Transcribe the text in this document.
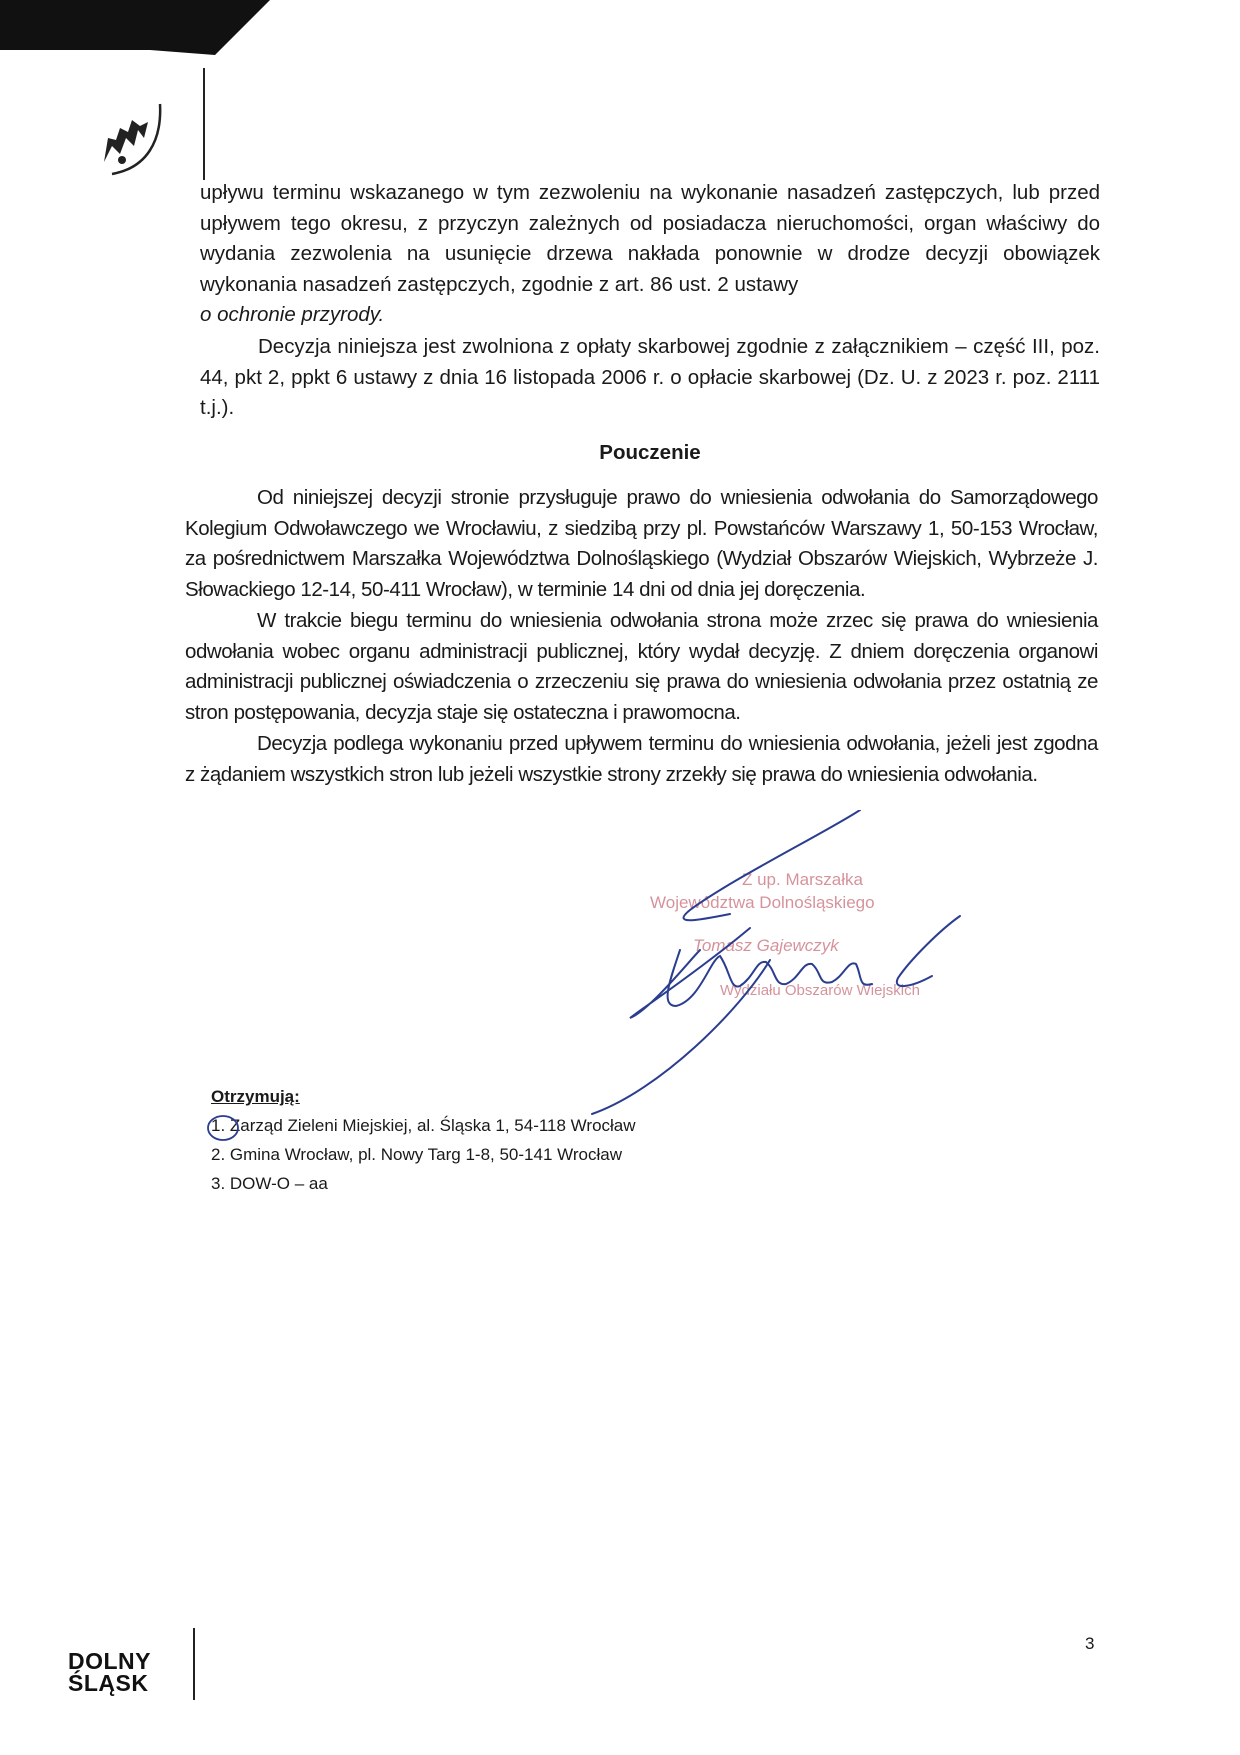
upływu terminu wskazanego w tym zezwoleniu na wykonanie nasadzeń zastępczych, lub przed upływem tego okresu, z przyczyn zależnych od posiadacza nieruchomości, organ właściwy do wydania zezwolenia na usunięcie drzewa nakłada ponownie w drodze decyzji obowiązek wykonania nasadzeń zastępczych, zgodnie z art. 86 ust. 2 ustawy
o ochronie przyrody.
Decyzja niniejsza jest zwolniona z opłaty skarbowej zgodnie z załącznikiem – część III, poz. 44, pkt 2, ppkt 6 ustawy z dnia 16 listopada 2006 r. o opłacie skarbowej (Dz. U. z 2023 r. poz. 2111 t.j.).
Pouczenie
Od niniejszej decyzji stronie przysługuje prawo do wniesienia odwołania do Samorządowego Kolegium Odwoławczego we Wrocławiu, z siedzibą przy pl. Powstańców Warszawy 1, 50-153 Wrocław, za pośrednictwem Marszałka Województwa Dolnośląskiego (Wydział Obszarów Wiejskich, Wybrzeże J. Słowackiego 12-14, 50-411 Wrocław), w terminie 14 dni od dnia jej doręczenia.
W trakcie biegu terminu do wniesienia odwołania strona może zrzec się prawa do wniesienia odwołania wobec organu administracji publicznej, który wydał decyzję. Z dniem doręczenia organowi administracji publicznej oświadczenia o zrzeczeniu się prawa do wniesienia odwołania przez ostatnią ze stron postępowania, decyzja staje się ostateczna i prawomocna.
Decyzja podlega wykonaniu przed upływem terminu do wniesienia odwołania, jeżeli jest zgodna z żądaniem wszystkich stron lub jeżeli wszystkie strony zrzekły się prawa do wniesienia odwołania.
Z up. Marszałka
Województwa Dolnośląskiego
Tomasz Gajewczyk
Wydziału Obszarów Wiejskich
Otrzymują:
1. Zarząd Zieleni Miejskiej, al. Śląska 1, 54-118 Wrocław
2. Gmina Wrocław, pl. Nowy Targ 1-8, 50-141 Wrocław
3. DOW-O – aa
DOLNY
ŚLĄSK
3
